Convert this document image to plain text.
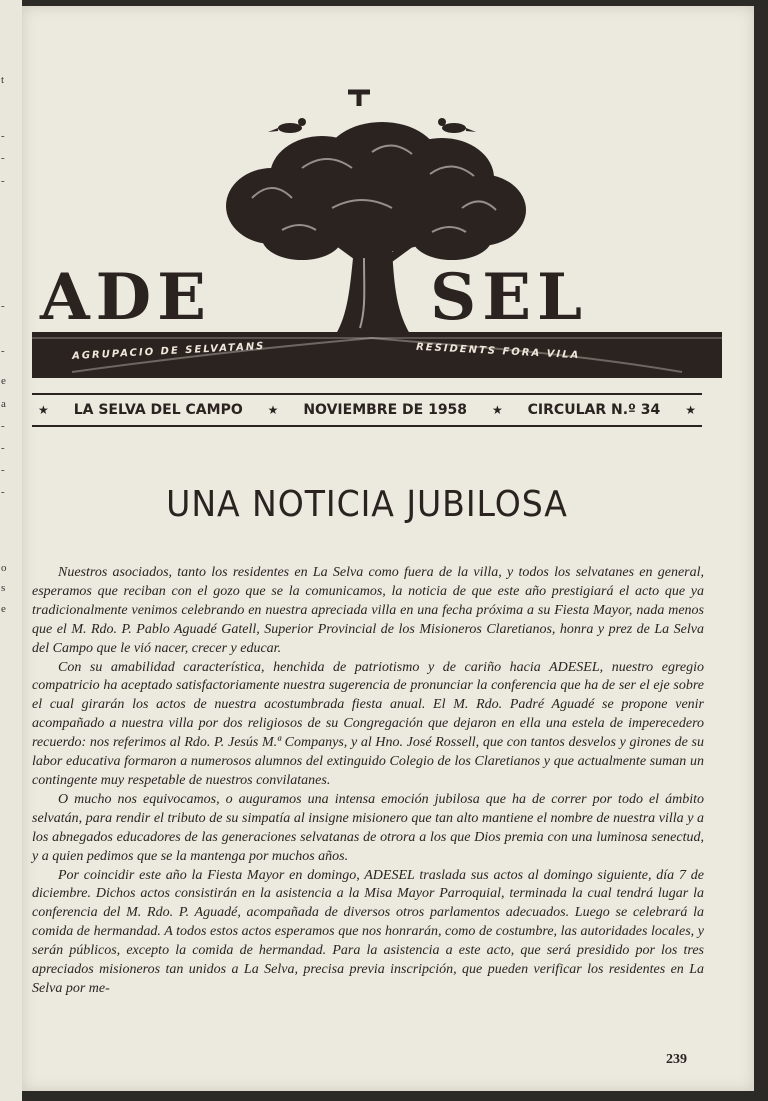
t
-
-
-
-
-
e
a
-
-
-
-
o
s
e
ADE	SEL
AGRUPACIO DE SELVATANS	RESIDENTS FORA VILA
★ LA SELVA DEL CAMPO ★ NOVIEMBRE DE 1958 ★ CIRCULAR N.º 34 ★
UNA NOTICIA JUBILOSA

Nuestros asociados, tanto los residentes en La Selva como fuera de la villa, y todos los selvatanes en general, esperamos que reciban con el gozo que se la comunicamos, la noticia de que este año prestigiará el acto que ya tradicionalmente venimos celebrando en nuestra apreciada villa en una fecha próxima a su Fiesta Mayor, nada menos que el M. Rdo. P. Pablo Aguadé Gatell, Superior Provincial de los Misioneros Claretianos, honra y prez de La Selva del Campo que le vió nacer, crecer y educar.

Con su amabilidad característica, henchida de patriotismo y de cariño hacia ADESEL, nuestro egregio compatricio ha aceptado satisfactoriamente nuestra sugerencia de pronunciar la conferencia que ha de ser el eje sobre el cual girarán los actos de nuestra acostumbrada fiesta anual. El M. Rdo. Padré Aguadé se propone venir acompañado a nuestra villa por dos religiosos de su Congregación que dejaron en ella una estela de imperecedero recuerdo: nos referimos al Rdo. P. Jesús M.ª Companys, y al Hno. José Rossell, que con tantos desvelos y girones de su labor educativa formaron a numerosos alumnos del extinguido Colegio de los Claretianos y que actualmente suman un contingente muy respetable de nuestros convilatanes.

O mucho nos equivocamos, o auguramos una intensa emoción jubilosa que ha de correr por todo el ámbito selvatán, para rendir el tributo de su simpatía al insigne misionero que tan alto mantiene el nombre de nuestra villa y a los abnegados educadores de las generaciones selvatanas de otrora a los que Dios premia con una luminosa senectud, y a quien pedimos que se la mantenga por muchos años.

Por coincidir este año la Fiesta Mayor en domingo, ADESEL traslada sus actos al domingo siguiente, día 7 de diciembre. Dichos actos consistirán en la asistencia a la Misa Mayor Parroquial, terminada la cual tendrá lugar la conferencia del M. Rdo. P. Aguadé, acompañada de diversos otros parlamentos adecuados. Luego se celebrará la comida de hermandad. A todos estos actos esperamos que nos honrarán, como de costumbre, las autoridades locales, y serán públicos, excepto la comida de hermandad. Para la asistencia a este acto, que será presidido por los tres apreciados misioneros tan unidos a La Selva, precisa previa inscripción, que pueden verificar los residentes en La Selva por me-

239
